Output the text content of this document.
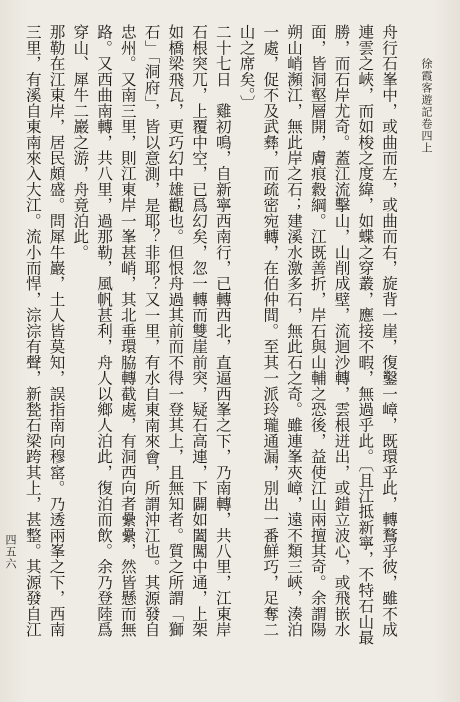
徐霞客遊記卷四上
四五六	舟行石峯中，或曲而左，或曲而右，旋背一崖，復鑿一嶂，既環乎此，轉鶩乎彼，雖不成連雲之峽，而如梭之度緯，如蝶之穿叢，應接不暇，無過乎此。〔且江抵新寧，不特石山最勝，而石岸尤奇。蓋江流擊山，山削成壁，流迴沙轉，雲根迸出，或錯立波心，或飛嵌水面，皆洞壑層開，膚痕縠綱。江既善折，岸石與山輔之恐後，益使江山兩擅其奇。余謂陽朔山峭瀕江，無此岸之石；建溪水激多石，無此石之奇。雖連峯夾嶂，遠不類三峽，湊泊一處，促不及武彝，而疏密宛轉，在伯仲間。至其一派玲瓏通漏，別出一番鮮巧，足奪二山之席矣。〕

二十七日　雞初鳴，自新寧西南行，已轉西北，直逼西峯之下，乃南轉，共八里，江東岸石根突兀，上覆中空，已爲幻矣，忽一轉而雙崖前突，疑石高連，下闢如闔闖中通，上架如橋梁飛瓦，更巧幻中雄觀也。但恨舟過其前而不得一登其上，且無知者。質之所謂「獅石」「洞府」，皆以意測，是耶？非耶？又一里，有水自東南來會，所謂沖江也。其源發自忠州。又南三里，則江東岸一峯甚峭，其北垂環脇轉截處，有洞西向者纍纍，然皆懸而無路。又西曲南轉，共八里，過那勒，風帆甚利，舟人以鄉人泊此，復泊而飲。余乃登陸爲穿山、犀牛二巖之游，舟竟泊此。

那勒在江東岸，居民頗盛。問犀牛巖，土人皆莫知，誤指南向穆窰。乃透兩峯之下，西南三里，有溪自東南來入大江。流小而悍，淙淙有聲，新甃石梁跨其上，甚整。其源發自江
